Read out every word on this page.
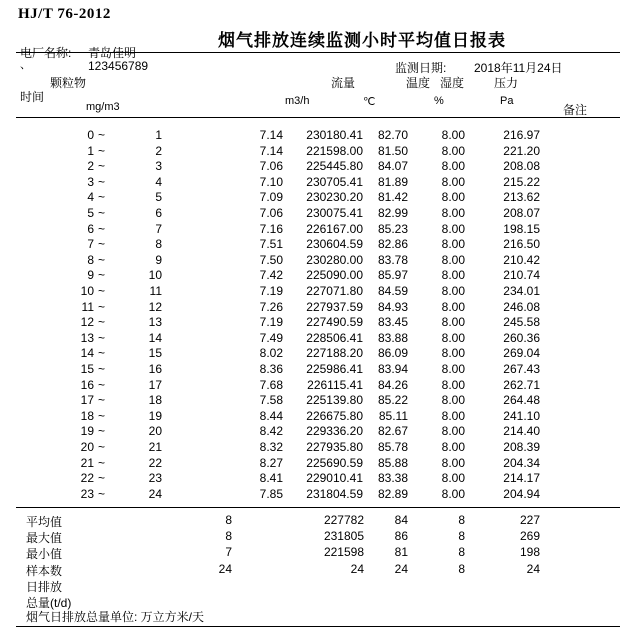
HJ/T 76-2012
烟气排放连续监测小时平均值日报表
电厂名称: 青岛佳明
、	123456789	监测日期: 2018年11月24日
颗粒物	流量	温度 湿度 压力
时间
mg/m3	m3/h	℃	%	Pa
备注
0 ~	1	7.14	230180.41	82.70	8.00	216.97
1 ~	2	7.14	221598.00	81.50	8.00	221.20
2 ~	3	7.06	225445.80	84.07	8.00	208.08
3 ~	4	7.10	230705.41	81.89	8.00	215.22
4 ~	5	7.09	230230.20	81.42	8.00	213.62
5 ~	6	7.06	230075.41	82.99	8.00	208.07
6 ~	7	7.16	226167.00	85.23	8.00	198.15
7 ~	8	7.51	230604.59	82.86	8.00	216.50
8 ~	9	7.50	230280.00	83.78	8.00	210.42
9 ~	10	7.42	225090.00	85.97	8.00	210.74
10 ~	11	7.19	227071.80	84.59	8.00	234.01
11 ~	12	7.26	227937.59	84.93	8.00	246.08
12 ~	13	7.19	227490.59	83.45	8.00	245.58
13 ~	14	7.49	228506.41	83.88	8.00	260.36
14 ~	15	8.02	227188.20	86.09	8.00	269.04
15 ~	16	8.36	225986.41	83.94	8.00	267.43
16 ~	17	7.68	226115.41	84.26	8.00	262.71
17 ~	18	7.58	225139.80	85.22	8.00	264.48
18 ~	19	8.44	226675.80	85.11	8.00	241.10
19 ~	20	8.42	229336.20	82.67	8.00	214.40
20 ~	21	8.32	227935.80	85.78	8.00	208.39
21 ~	22	8.27	225690.59	85.88	8.00	204.34
22 ~	23	8.41	229010.41	83.38	8.00	214.17
23 ~	24	7.85	231804.59	82.89	8.00	204.94
平均值	8	227782	84	8	227
最大值	8	231805	86	8	269
最小值	7	221598	81	8	198
样本数	24	24	24	8	24
日排放
总量(t/d)
烟气日排放总量单位: 万立方米/天
